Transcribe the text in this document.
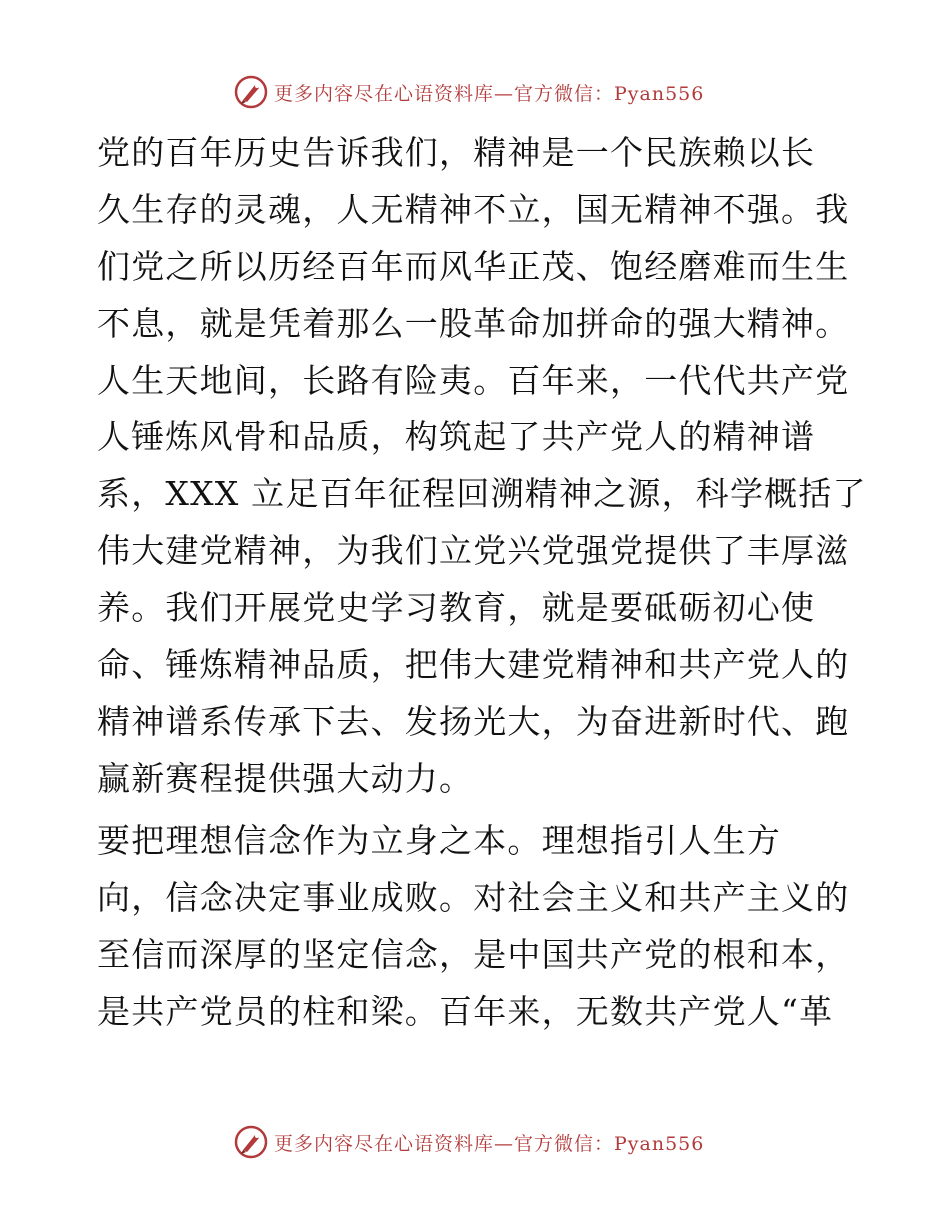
更多内容尽在心语资料库—官方微信：Pyan556
党的百年历史告诉我们，精神是一个民族赖以长
久生存的灵魂，人无精神不立，国无精神不强。我
们党之所以历经百年而风华正茂、饱经磨难而生生
不息，就是凭着那么一股革命加拼命的强大精神。
人生天地间，长路有险夷。百年来，一代代共产党
人锤炼风骨和品质，构筑起了共产党人的精神谱
系，XXX 立足百年征程回溯精神之源，科学概括了
伟大建党精神，为我们立党兴党强党提供了丰厚滋
养。我们开展党史学习教育，就是要砥砺初心使
命、锤炼精神品质，把伟大建党精神和共产党人的
精神谱系传承下去、发扬光大，为奋进新时代、跑
赢新赛程提供强大动力。
要把理想信念作为立身之本。理想指引人生方
向，信念决定事业成败。对社会主义和共产主义的
至信而深厚的坚定信念，是中国共产党的根和本，
是共产党员的柱和梁。百年来，无数共产党人“革
更多内容尽在心语资料库—官方微信：Pyan556
